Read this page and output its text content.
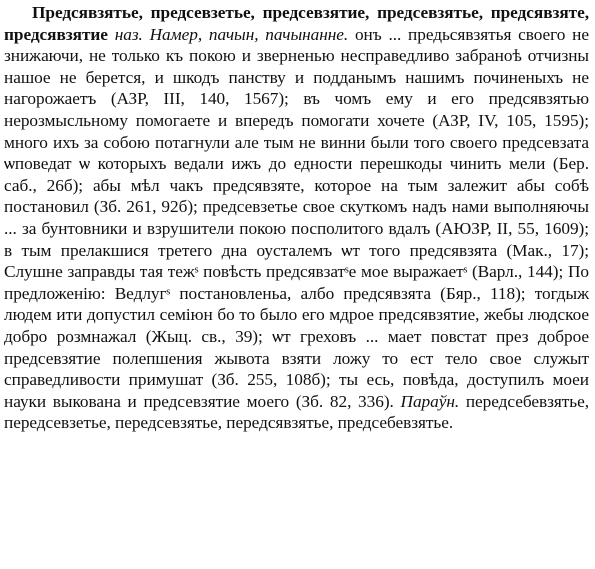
Предсявзятье, предсевзетье, предсевзятие, предсевзятье, предсявзяте, предсявзятие наз. Намер, пачын, пачынанне. онъ ... предьсявзятья своего не знижаючи, не только къ покою и зверненью несправедливо забраноѣ отчизны нашое не берется, и шкодъ панству и подданымъ нашимъ починеныхъ не нагорожаетъ (АЗР, III, 140, 1567); въ чомъ ему и его предсявзятью нерозмысльному помогаете и впередъ помогати хочете (АЗР, IV, 105, 1595); много ихъ за собою потагнули але тым не винни были того своего предсевзата ѡповедат ѡ которыхъ ведали ижъ до едности перешкоды чинить мели (Бер. саб., 26б); абы мѣл чакъ предсявзяте, которое на тым залежит абы собѣ постановил (Зб. 261, 92б); предсевзетье свое скуткомъ надъ нами выполняючы ... за бунтовники и взрушители покою посполитого вдалъ (АЮЗР, II, 55, 1609); в тым прелакшися третего дна оусталемъ ѡт того предсявзята (Мак., 17); Слушне заправды тая тежˢ повѣсть предсявзатˢе мое выражаетˢ (Варл., 144); По предложенію: Ведлугˢ постановленьа, албо предсявзята (Бяр., 118); тогдыж людем ити допустил семіюн бо то было его мдрое предсявзятие, жебы людское добро розмнажал (Жыц. св., 39); ѡт греховъ ... мает повстат през доброе предсевзятие полепшения жывота взяти ложу то ест тело свое служыт справедливости примушат (Зб. 255, 108б); ты есь, повѣда, доступилъ моеи науки выкована и предсевзятие моего (Зб. 82, 336). Параўн. передсебевзятье, передсевзетье, передсевзятье, передсявзятье, предсебевзятье.
